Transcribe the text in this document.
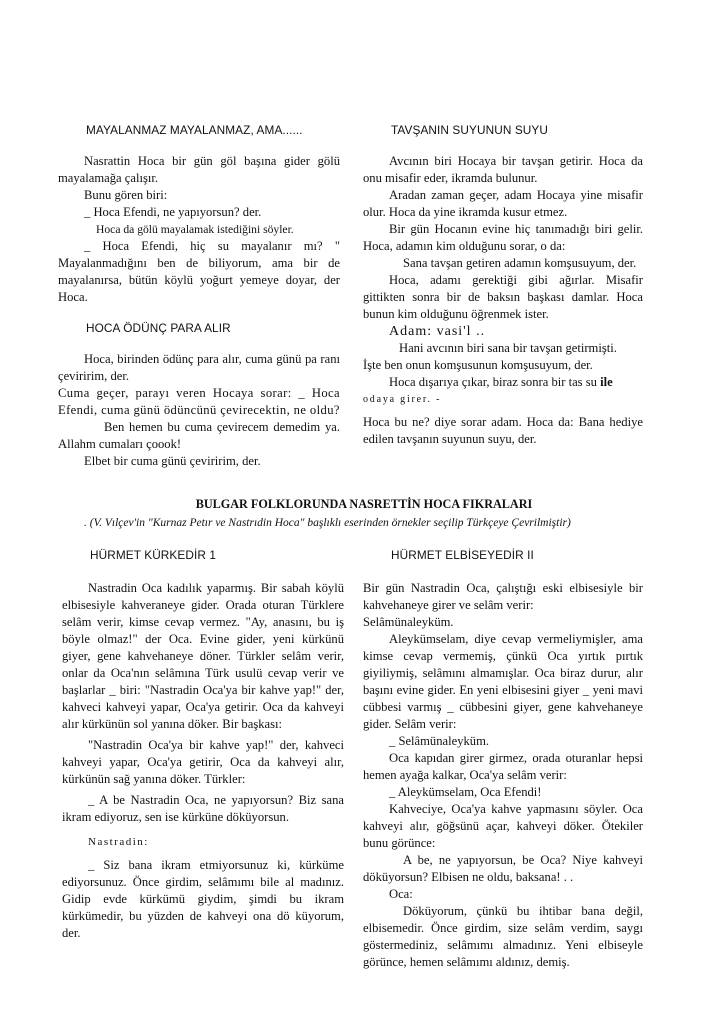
MAYALANMAZ MAYALANMAZ, AMA......

Nasrattin Hoca bir gün göl başına gider gölü mayalamağa çalışır.

Bunu gören biri:

_ Hoca Efendi, ne yapıyorsun? der.

Hoca da gölü mayalamak istediğini söyler.

_ Hoca Efendi, hiç su mayalanır mı? " Mayalanmadığını ben de biliyorum, ama bir de mayalanırsa, bütün köylü yoğurt yemeye doyar, der Hoca.

HOCA ÖDÜNÇ PARA ALIR

Hoca, birinden ödünç para alır, cuma günü pa ranı çeviririm, der.

Cuma geçer, parayı veren Hocaya sorar: _ Hoca Efendi, cuma günü ödüncünü çevirecektin, ne oldu?

Ben hemen bu cuma çevirecem demedim ya. Allahm cumaları çoook!

Elbet bir cuma günü çeviririm, der.

TAVŞANIN SUYUNUN SUYU

Avcının biri Hocaya bir tavşan getirir. Hoca da onu misafir eder, ikramda bulunur.

Aradan zaman geçer, adam Hocaya yine misafir olur. Hoca da yine ikramda kusur etmez.

Bir gün Hocanın evine hiç tanımadığı biri gelir. Hoca, adamın kim olduğunu sorar, o da:

Sana tavşan getiren adamın komşusuyum, der.

Hoca, adamı gerektiği gibi ağırlar. Misafir gittikten sonra bir de baksın başkası damlar. Hoca bunun kim olduğunu öğrenmek ister.

Adam: vasi'l ..

Hani avcının biri sana bir tavşan getirmişti.

İşte ben onun komşusunun komşusuyum, der.

Hoca dışarıya çıkar, biraz sonra bir tas su ile

odaya girer. -

Hoca bu ne? diye sorar adam. Hoca da: Bana hediye edilen tavşanın suyunun suyu, der.

BULGAR FOLKLORUNDA NASRETTİN HOCA FIKRALARI
. (V. Vılçev'in "Kurnaz Petır ve Nastrıdin Hoca" başlıklı eserinden örnekler seçilip Türkçeye Çevrilmiştir)
HÜRMET KÜRKEDİR 1

Nastradin Oca kadılık yaparmış. Bir sabah köylü elbisesiyle kahveraneye gider. Orada oturan Türklere selâm verir, kimse cevap vermez. "Ay, anasını, bu iş böyle olmaz!" der Oca. Evine gider, yeni kürkünü giyer, gene kahvehaneye döner. Türkler selâm verir, onlar da Oca'nın selâmına Türk usulü cevap verir ve başlarlar _ biri: "Nastradin Oca'ya bir kahve yap!" der, kahveci kahveyi yapar, Oca'ya getirir. Oca da kahveyi alır kürkünün sol yanına döker. Bir başkası:

"Nastradin Oca'ya bir kahve yap!" der, kahveci kahveyi yapar, Oca'ya getirir, Oca da kahveyi alır, kürkünün sağ yanına döker. Türkler:

_ A be Nastradin Oca, ne yapıyorsun? Biz sana ikram ediyoruz, sen ise kürküne döküyorsun.

Nastradin:

_ Siz bana ikram etmiyorsunuz ki, kürküme ediyorsunuz. Önce girdim, selâmımı bile al madınız. Gidip evde kürkümü giydim, şimdi bu ikram kürkümedir, bu yüzden de kahveyi ona dö küyorum, der.

HÜRMET ELBİSEYEDİR II

Bir gün Nastradin Oca, çalıştığı eski elbisesiyle bir kahvehaneye girer ve selâm verir:

Selâmünaleyküm.

Aleykümselam, diye cevap vermeliymişler, ama kimse cevap vermemiş, çünkü Oca yırtık pırtık giyiliymiş, selâmını almamışlar. Oca biraz durur, alır başını evine gider. En yeni elbisesini giyer _ yeni mavi cübbesi varmış _ cübbesini giyer, gene kahvehaneye gider. Selâm verir:

_ Selâmünaleyküm.

Oca kapıdan girer girmez, orada oturanlar hepsi hemen ayağa kalkar, Oca'ya selâm verir:

_ Aleykümselam, Oca Efendi!

Kahveciye, Oca'ya kahve yapmasını söyler. Oca kahveyi alır, göğsünü açar, kahveyi döker. Ötekiler bunu görünce:

A be, ne yapıyorsun, be Oca? Niye kahveyi döküyorsun? Elbisen ne oldu, baksana! . .

Oca:

Döküyorum, çünkü bu ihtibar bana değil, elbisemedir. Önce girdim, size selâm verdim, saygı göstermediniz, selâmımı almadınız. Yeni elbiseyle görünce, hemen selâmımı aldınız, demiş.
